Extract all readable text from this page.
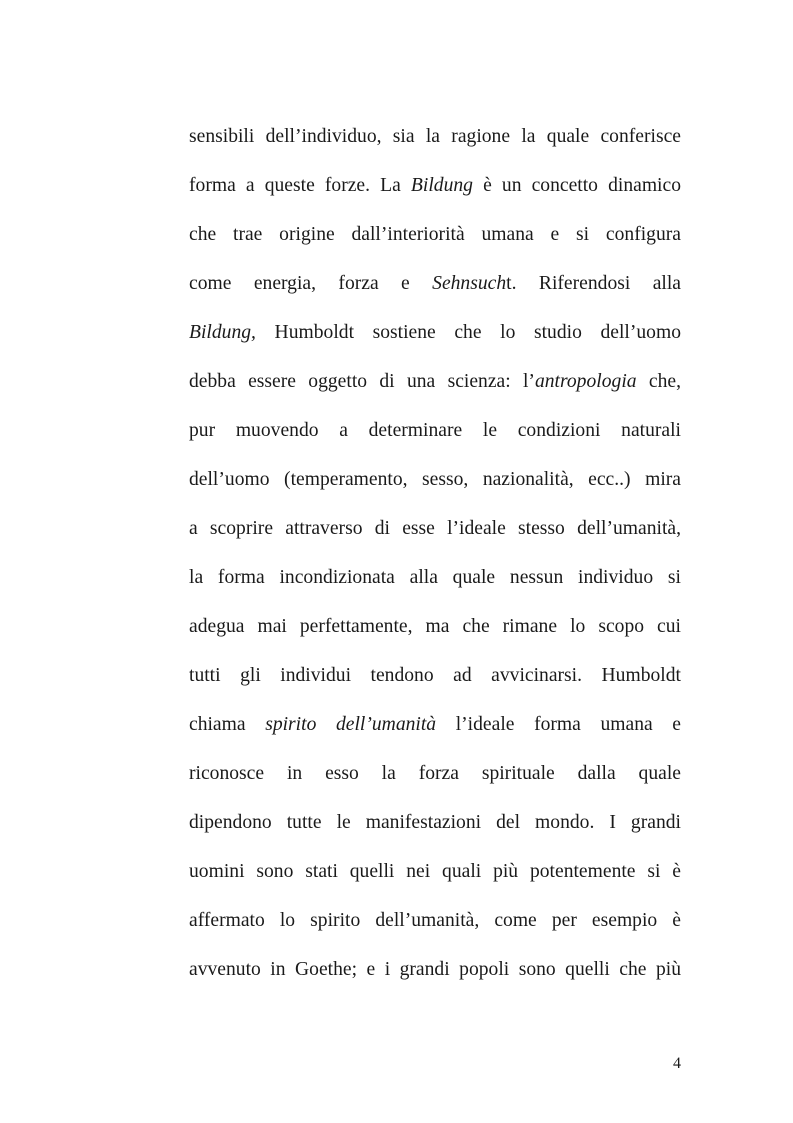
sensibili dell’individuo, sia la ragione la quale conferisce
forma a queste forze. La Bildung è un concetto dinamico
che trae origine dall’interiorità umana e si configura
come energia, forza e Sehnsucht. Riferendosi alla
Bildung, Humboldt sostiene che lo studio dell’uomo
debba essere oggetto di una scienza: l’antropologia che,
pur muovendo a determinare le condizioni naturali
dell’uomo (temperamento, sesso, nazionalità, ecc..) mira
a scoprire attraverso di esse l’ideale stesso dell’umanità,
la forma incondizionata alla quale nessun individuo si
adegua mai perfettamente, ma che rimane lo scopo cui
tutti gli individui tendono ad avvicinarsi. Humboldt
chiama spirito dell’umanità l’ideale forma umana e
riconosce in esso la forza spirituale dalla quale
dipendono tutte le manifestazioni del mondo. I grandi
uomini sono stati quelli nei quali più potentemente si è
affermato lo spirito dell’umanità, come per esempio è
avvenuto in Goethe; e i grandi popoli sono quelli che più
4
